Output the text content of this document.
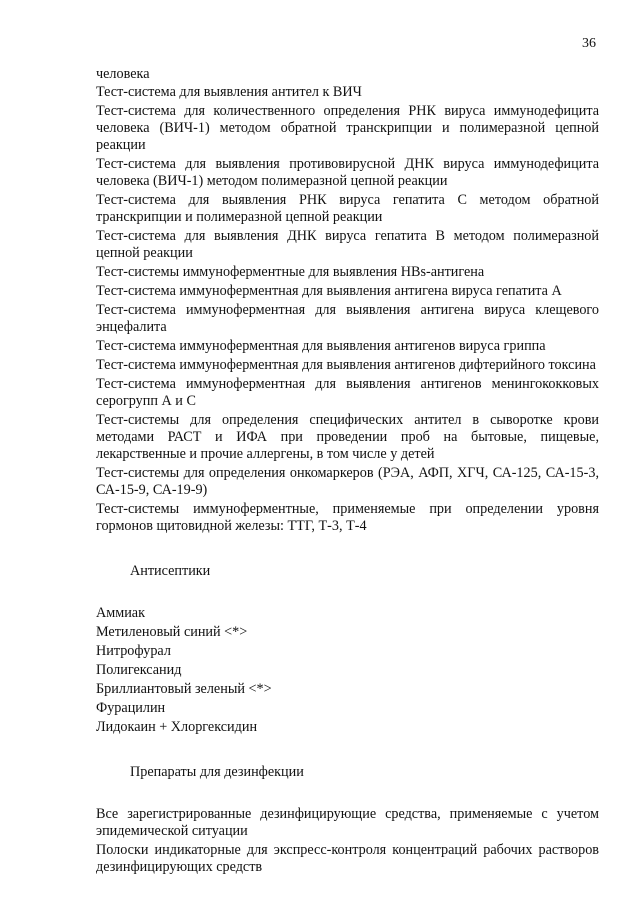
36

человека

Тест-система для выявления антител к ВИЧ

Тест-система для количественного определения РНК вируса иммунодефицита человека (ВИЧ-1) методом обратной транскрипции и полимеразной цепной реакции

Тест-система для выявления противовирусной ДНК вируса иммунодефицита человека (ВИЧ-1) методом полимеразной цепной реакции

Тест-система для выявления РНК вируса гепатита С методом обратной транскрипции и полимеразной цепной реакции

Тест-система для выявления ДНК вируса гепатита В методом полимеразной цепной реакции

Тест-системы иммуноферментные для выявления HBs-антигена

Тест-система иммуноферментная для выявления антигена вируса гепатита А

Тест-система иммуноферментная для выявления антигена вируса клещевого энцефалита

Тест-система иммуноферментная для выявления антигенов вируса гриппа

Тест-система иммуноферментная для выявления антигенов дифтерийного токсина

Тест-система иммуноферментная для выявления антигенов менингококковых серогрупп А и С

Тест-системы для определения специфических антител в сыворотке крови методами РАСТ и ИФА при проведении проб на бытовые, пищевые, лекарственные и прочие аллергены, в том числе у детей

Тест-системы для определения онкомаркеров (РЭА, АФП, ХГЧ, СА-125, СА-15-3, СА-15-9, СА-19-9)

Тест-системы иммуноферментные, применяемые при определении уровня гормонов щитовидной железы: ТТГ, Т-3, Т-4

Антисептики
Аммиак
Метиленовый синий <*>
Нитрофурал
Полигексанид
Бриллиантовый зеленый <*>
Фурацилин
Лидокаин + Хлоргексидин
Препараты для дезинфекции

Все зарегистрированные дезинфицирующие средства, применяемые с учетом эпидемической ситуации

Полоски индикаторные для экспресс-контроля концентраций рабочих растворов дезинфицирующих средств
